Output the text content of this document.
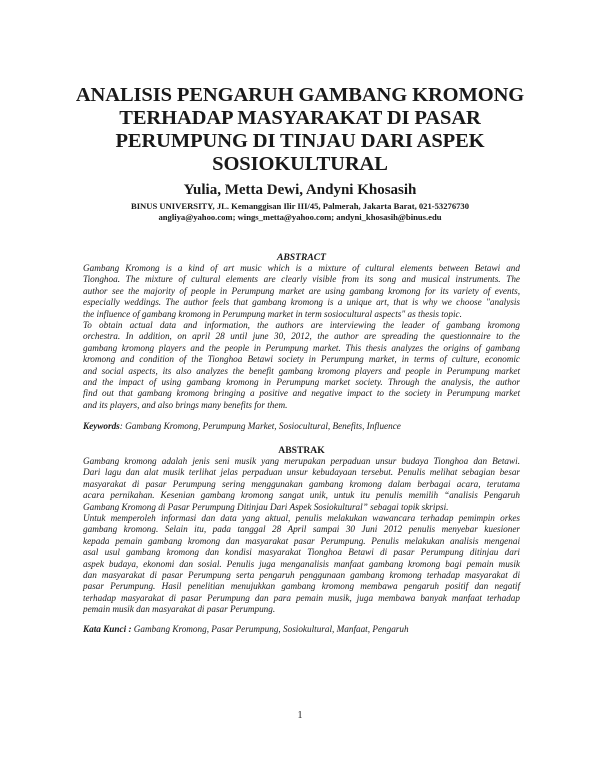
ANALISIS PENGARUH GAMBANG KROMONG
TERHADAP MASYARAKAT DI PASAR
PERUMPUNG DI TINJAU DARI ASPEK
SOSIOKULTURAL
Yulia, Metta Dewi, Andyni Khosasih
BINUS UNIVERSITY, JL. Kemanggisan Ilir III/45, Palmerah, Jakarta Barat, 021-53276730
angliya@yahoo.com; wings_metta@yahoo.com; andyni_khosasih@binus.edu
ABSTRACT
Gambang Kromong is a kind of art music which is a mixture of cultural elements between Betawi and
Tionghoa. The mixture of cultural elements are clearly visible from its song and musical instruments. The
author see the majority of people in Perumpung market are using gambang kromong for its variety of events,
especially weddings. The author feels that gambang kromong is a unique art, that is why we choose "analysis
the influence of gambang kromong in Perumpung market in term sosiocultural aspects" as thesis topic.
To obtain actual data and information, the authors are interviewing the leader of gambang kromong
orchestra. In addition, on april 28 until june 30, 2012, the author are spreading the questionnaire to the
gambang kromong players and the people in Perumpung market. This thesis analyzes the origins of gambang
kromong and condition of the Tionghoa Betawi society in Perumpung market, in terms of culture, economic
and social aspects, its also analyzes the benefit gambang kromong players and people in Perumpung market
and the impact of using gambang kromong in Perumpung market society. Through the analysis, the author
find out that gambang kromong bringing a positive and negative impact to the society in Perumpung market
and its players, and also brings many benefits for them.
Keywords: Gambang Kromong, Perumpung Market, Sosiocultural, Benefits, Influence
ABSTRAK
Gambang kromong adalah jenis seni musik yang merupakan perpaduan unsur budaya Tionghoa dan Betawi.
Dari lagu dan alat musik terlihat jelas perpaduan unsur kebudayaan tersebut. Penulis melihat sebagian besar
masyarakat di pasar Perumpung sering menggunakan gambang kromong dalam berbagai acara, terutama
acara pernikahan. Kesenian gambang kromong sangat unik, untuk itu penulis memilih “analisis Pengaruh
Gambang Kromong di Pasar Perumpung Ditinjau Dari Aspek Sosiokultural” sebagai topik skripsi.
Untuk memperoleh informasi dan data yang aktual, penulis melakukan wawancara terhadap pemimpin orkes
gambang kromong. Selain itu, pada tanggal 28 April sampai 30 Juni 2012 penulis menyebar kuesioner
kepada pemain gambang kromong dan masyarakat pasar Perumpung. Penulis melakukan analisis mengenai
asal usul gambang kromong dan kondisi masyarakat Tionghoa Betawi di pasar Perumpung ditinjau dari
aspek budaya, ekonomi dan sosial. Penulis juga menganalisis manfaat gambang kromong bagi pemain musik
dan masyarakat di pasar Perumpung serta pengaruh penggunaan gambang kromong terhadap masyarakat di
pasar Perumpung. Hasil penelitian menujukkan gambang kromong membawa pengaruh positif dan negatif
terhadap masyarakat di pasar Perumpung dan para pemain musik, juga membawa banyak manfaat terhadap
pemain musik dan masyarakat di pasar Perumpung.
Kata Kunci : Gambang Kromong, Pasar Perumpung, Sosiokultural, Manfaat, Pengaruh
1
